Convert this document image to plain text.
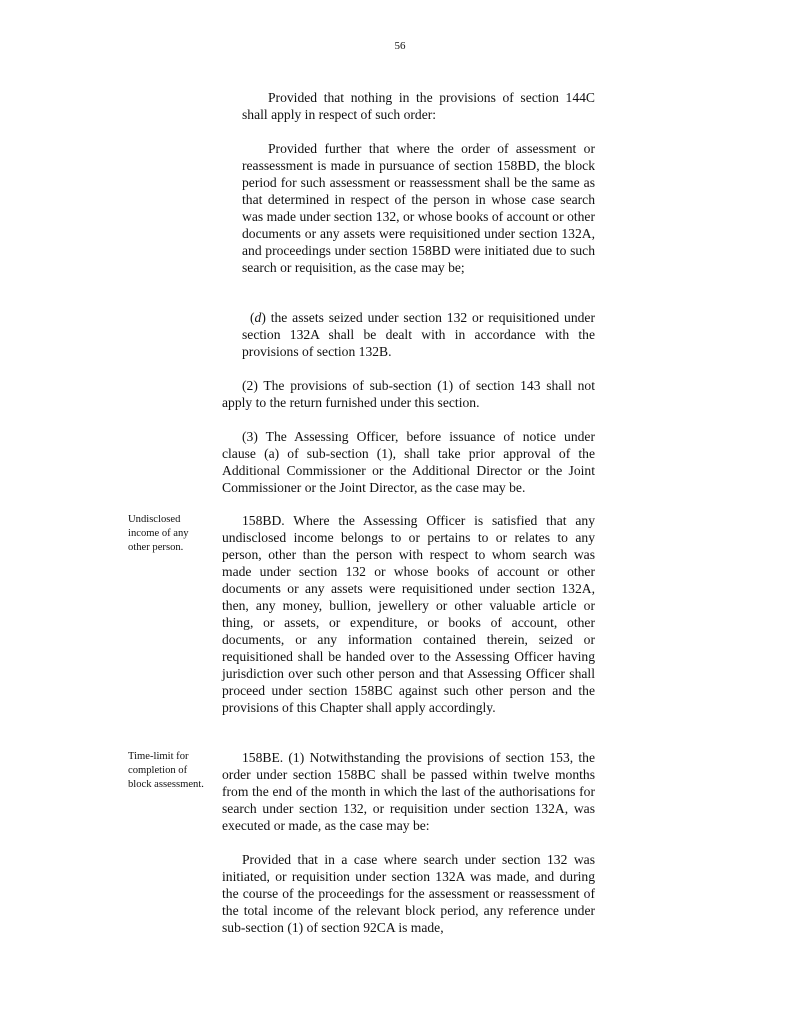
56

Provided that nothing in the provisions of section 144C shall apply in respect of such order:

Provided further that where the order of assessment or reassessment is made in pursuance of section 158BD, the block period for such assessment or reassessment shall be the same as that determined in respect of the person in whose case search was made under section 132, or whose books of account or other documents or any assets were requisitioned under section 132A, and proceedings under section 158BD were initiated due to such search or requisition, as the case may be;

(d) the assets seized under section 132 or requisitioned under section 132A shall be dealt with in accordance with the provisions of section 132B.

(2) The provisions of sub-section (1) of section 143 shall not apply to the return furnished under this section.

(3) The Assessing Officer, before issuance of notice under clause (a) of sub-section (1), shall take prior approval of the Additional Commissioner or the Additional Director or the Joint Commissioner or the Joint Director, as the case may be.

Undisclosed income of any other person.

158BD. Where the Assessing Officer is satisfied that any undisclosed income belongs to or pertains to or relates to any person, other than the person with respect to whom search was made under section 132 or whose books of account or other documents or any assets were requisitioned under section 132A, then, any money, bullion, jewellery or other valuable article or thing, or assets, or expenditure, or books of account, other documents, or any information contained therein, seized or requisitioned shall be handed over to the Assessing Officer having jurisdiction over such other person and that Assessing Officer shall proceed under section 158BC against such other person and the provisions of this Chapter shall apply accordingly.

Time-limit for completion of block assessment.

158BE. (1) Notwithstanding the provisions of section 153, the order under section 158BC shall be passed within twelve months from the end of the month in which the last of the authorisations for search under section 132, or requisition under section 132A, was executed or made, as the case may be:

Provided that in a case where search under section 132 was initiated, or requisition under section 132A was made, and during the course of the proceedings for the assessment or reassessment of the total income of the relevant block period, any reference under sub-section (1) of section 92CA is made,
